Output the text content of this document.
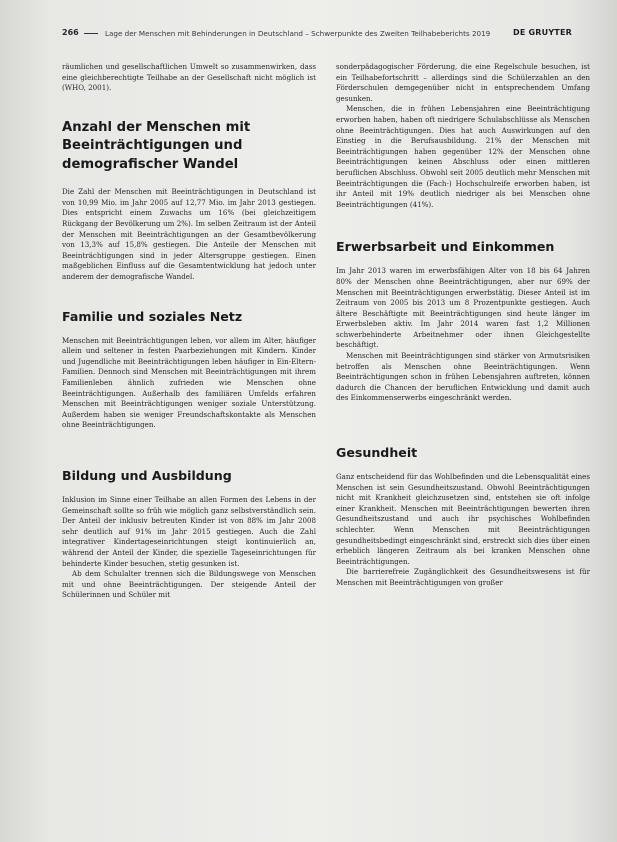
266	Lage der Menschen mit Behinderungen in Deutschland – Schwerpunkte des Zweiten Teilhabeberichts 2019	DE GRUYTER

räumlichen und gesellschaftlichen Umwelt so zusammenwirken, dass eine gleichberechtigte Teilhabe an der Gesellschaft nicht möglich ist (WHO, 2001).

Anzahl der Menschen mit Beeinträchtigungen und demografischer Wandel

Die Zahl der Menschen mit Beeinträchtigungen in Deutschland ist von 10,99 Mio. im Jahr 2005 auf 12,77 Mio. im Jahr 2013 gestiegen. Dies entspricht einem Zuwachs um 16% (bei gleichzeitigem Rückgang der Bevölkerung um 2%). Im selben Zeitraum ist der Anteil der Menschen mit Beeinträchtigungen an der Gesamtbevölkerung von 13,3% auf 15,8% gestiegen. Die Anteile der Menschen mit Beeinträchtigungen sind in jeder Altersgruppe gestiegen. Einen maßgeblichen Einfluss auf die Gesamtentwicklung hat jedoch unter anderem der demografische Wandel.

Familie und soziales Netz

Menschen mit Beeinträchtigungen leben, vor allem im Alter, häufiger allein und seltener in festen Paarbeziehungen mit Kindern. Kinder und Jugendliche mit Beeinträchtigungen leben häufiger in Ein-Eltern-Familien. Dennoch sind Menschen mit Beeinträchtigungen mit ihrem Familienleben ähnlich zufrieden wie Menschen ohne Beeinträchtigungen. Außerhalb des familiären Umfelds erfahren Menschen mit Beeinträchtigungen weniger soziale Unterstützung. Außerdem haben sie weniger Freundschaftskontakte als Menschen ohne Beeinträchtigungen.

Bildung und Ausbildung

Inklusion im Sinne einer Teilhabe an allen Formen des Lebens in der Gemeinschaft sollte so früh wie möglich ganz selbstverständlich sein. Der Anteil der inklusiv betreuten Kinder ist von 88% im Jahr 2008 sehr deutlich auf 91% im Jahr 2015 gestiegen. Auch die Zahl integrativer Kindertageseinrichtungen steigt kontinuierlich an, während der Anteil der Kinder, die spezielle Tageseinrichtungen für behinderte Kinder besuchen, stetig gesunken ist.

Ab dem Schulalter trennen sich die Bildungswege von Menschen mit und ohne Beeinträchtigungen. Der steigende Anteil der Schülerinnen und Schüler mit

sonderpädagogischer Förderung, die eine Regelschule besuchen, ist ein Teilhabefortschritt – allerdings sind die Schülerzahlen an den Förderschulen demgegenüber nicht in entsprechendem Umfang gesunken.

Menschen, die in frühen Lebensjahren eine Beeinträchtigung erworben haben, haben oft niedrigere Schulabschlüsse als Menschen ohne Beeinträchtigungen. Dies hat auch Auswirkungen auf den Einstieg in die Berufsausbildung. 21% der Menschen mit Beeinträchtigungen haben gegenüber 12% der Menschen ohne Beeinträchtigungen keinen Abschluss oder einen mittleren beruflichen Abschluss. Obwohl seit 2005 deutlich mehr Menschen mit Beeinträchtigungen die (Fach-) Hochschulreife erworben haben, ist ihr Anteil mit 19% deutlich niedriger als bei Menschen ohne Beeinträchtigungen (41%).

Erwerbsarbeit und Einkommen

Im Jahr 2013 waren im erwerbsfähigen Alter von 18 bis 64 Jahren 80% der Menschen ohne Beeinträchtigungen, aber nur 69% der Menschen mit Beeinträchtigungen erwerbstätig. Dieser Anteil ist im Zeitraum von 2005 bis 2013 um 8 Prozentpunkte gestiegen. Auch ältere Beschäftigte mit Beeinträchtigungen sind heute länger im Erwerbsleben aktiv. Im Jahr 2014 waren fast 1,2 Millionen schwerbehinderte Arbeitnehmer oder ihnen Gleichgestellte beschäftigt.

Menschen mit Beeinträchtigungen sind stärker von Armutsrisiken betroffen als Menschen ohne Beeinträchtigungen. Wenn Beeinträchtigungen schon in frühen Lebensjahren auftreten, können dadurch die Chancen der beruflichen Entwicklung und damit auch des Einkommenserwerbs eingeschränkt werden.

Gesundheit

Ganz entscheidend für das Wohlbefinden und die Lebensqualität eines Menschen ist sein Gesundheitszustand. Obwohl Beeinträchtigungen nicht mit Krankheit gleichzusetzen sind, entstehen sie oft infolge einer Krankheit. Menschen mit Beeinträchtigungen bewerten ihren Gesundheitszustand und auch ihr psychisches Wohlbefinden schlechter. Wenn Menschen mit Beeinträchtigungen gesundheitsbedingt eingeschränkt sind, erstreckt sich dies über einen erheblich längeren Zeitraum als bei kranken Menschen ohne Beeinträchtigungen.

Die barrierefreie Zugänglichkeit des Gesundheitswesens ist für Menschen mit Beeinträchtigungen von großer
